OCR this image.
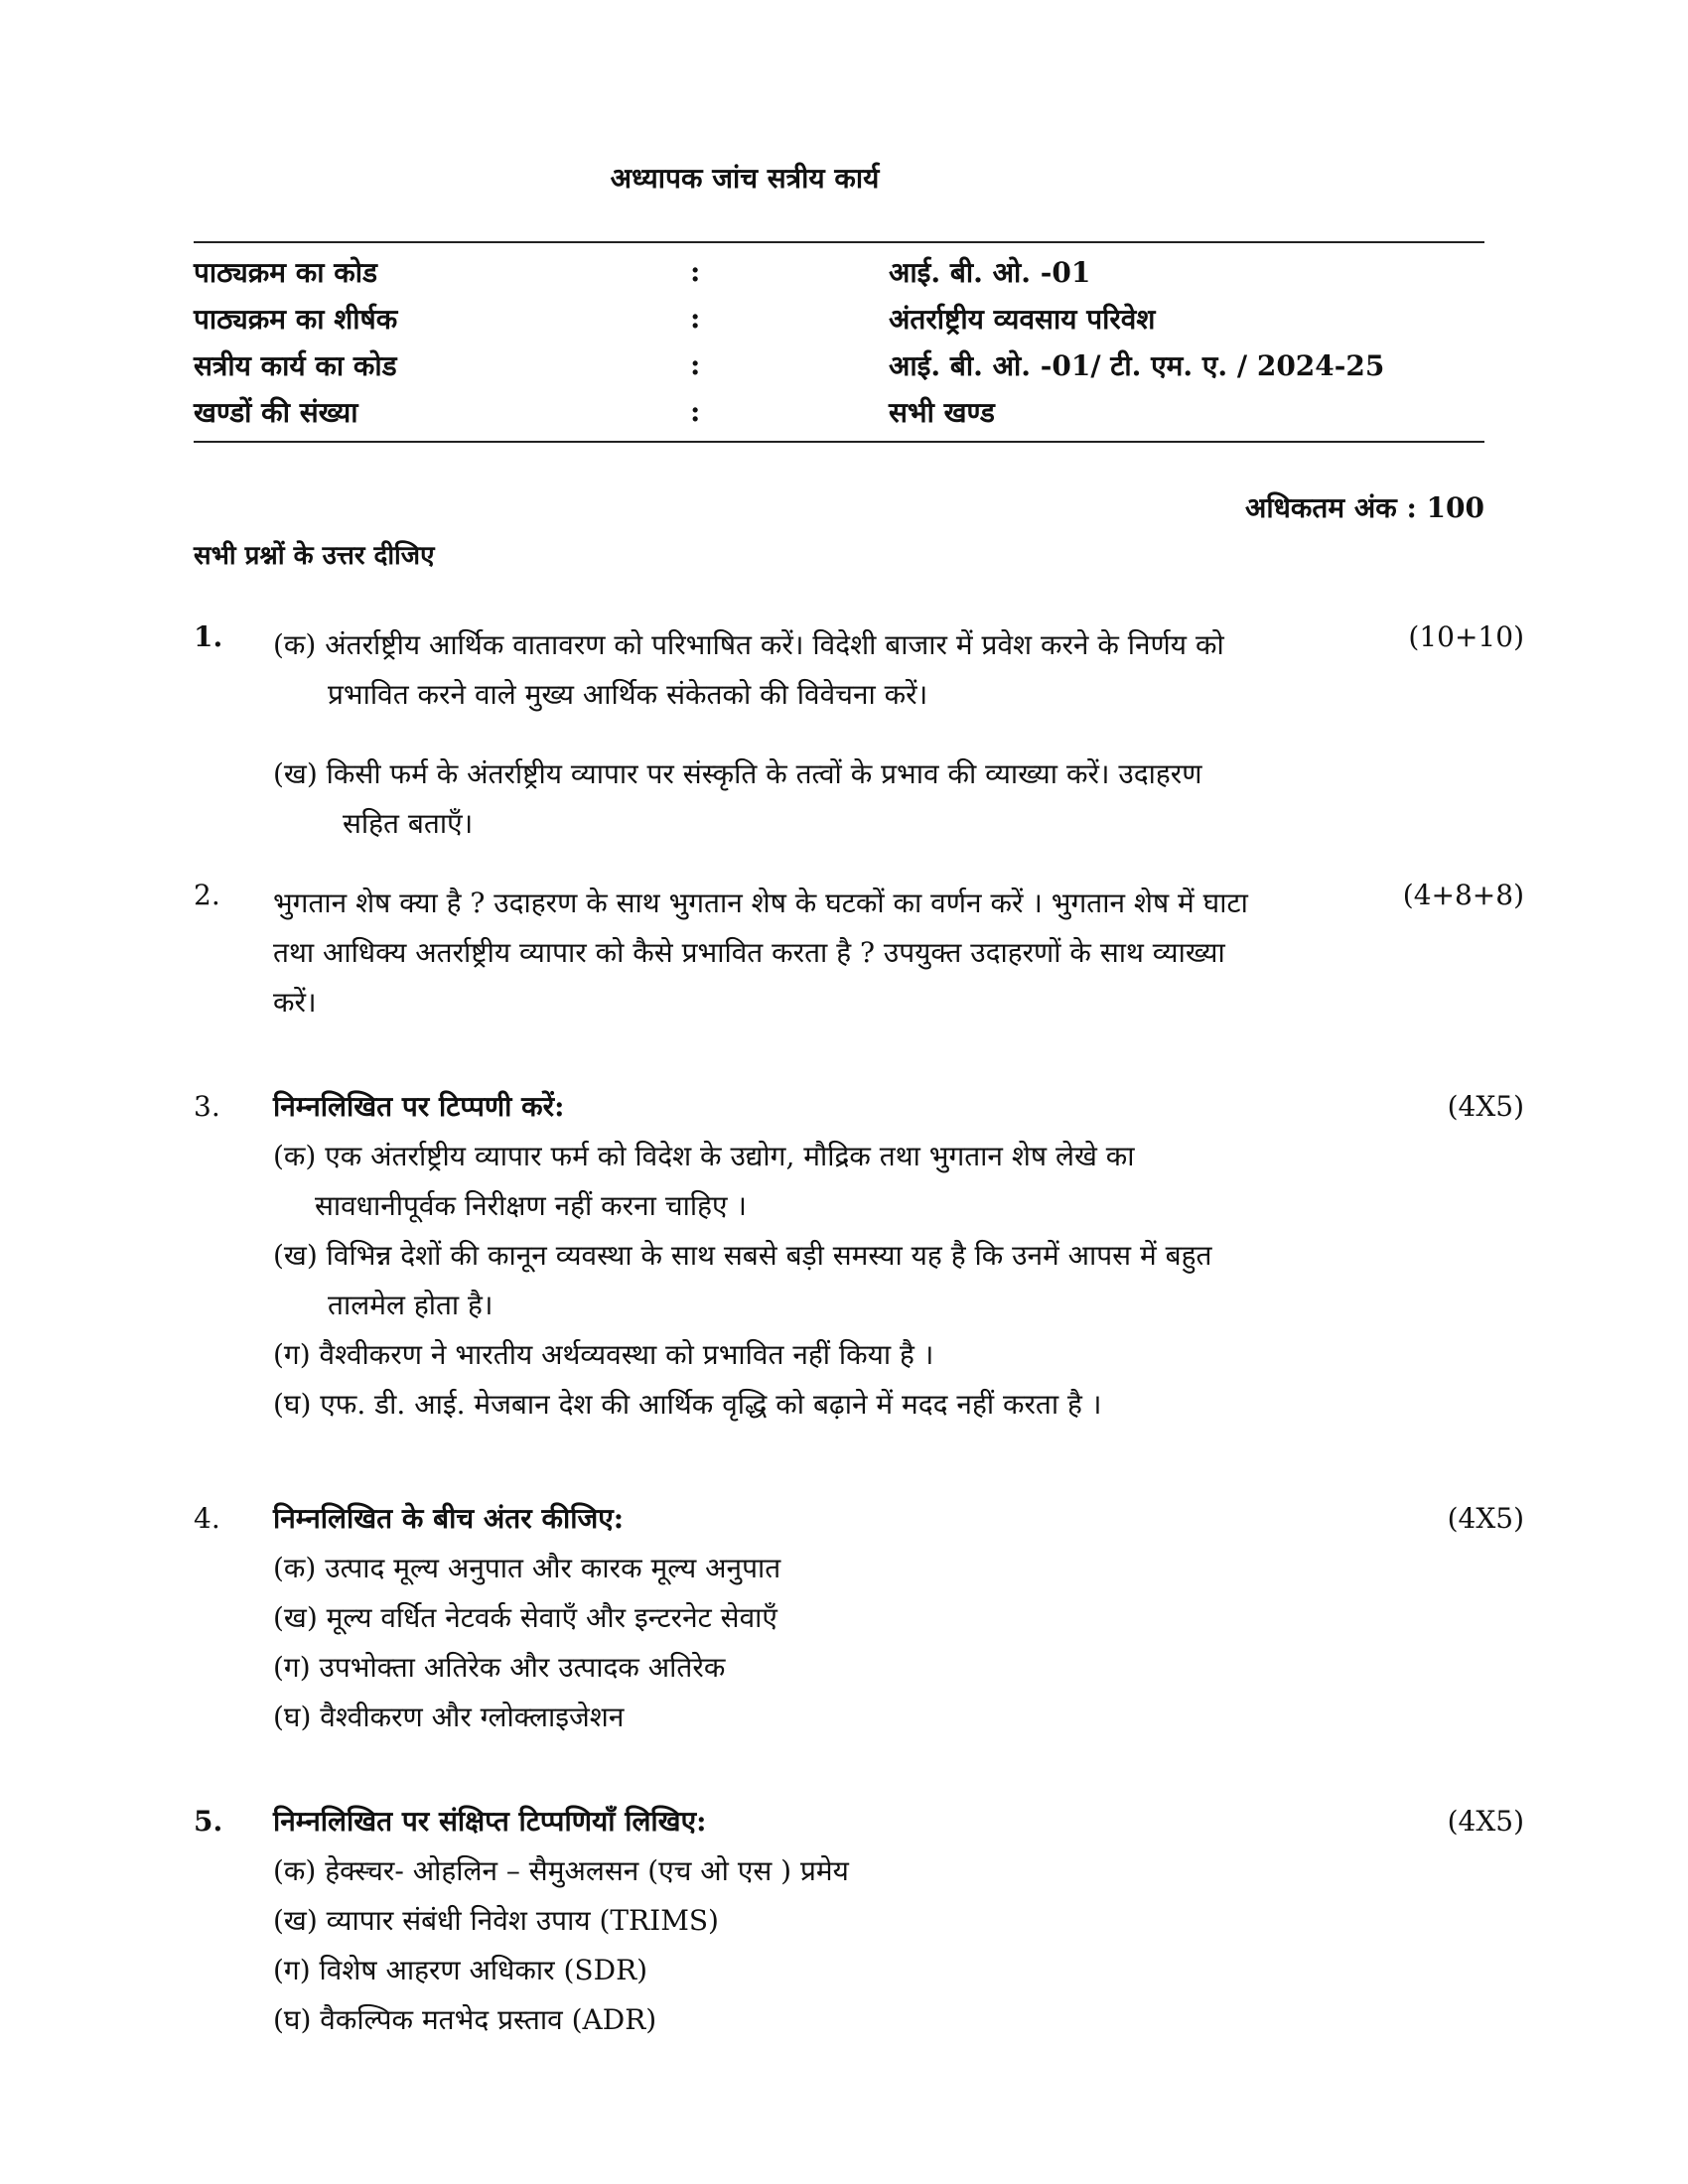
अध्यापक जांच सत्रीय कार्य
पाठ्यक्रम का कोड	:	आई. बी. ओ. -01
पाठ्यक्रम का शीर्षक	:	अंतर्राष्ट्रीय व्यवसाय परिवेश
सत्रीय कार्य का कोड	:	आई. बी. ओ. -01/ टी. एम. ए. / 2024-25
खण्डों की संख्या	:	सभी खण्ड
अधिकतम अंक : 100
सभी प्रश्नों के उत्तर दीजिए
1. (क) अंतर्राष्ट्रीय आर्थिक वातावरण को परिभाषित करें। विदेशी बाजार में प्रवेश करने के निर्णय को
प्रभावित करने वाले मुख्य आर्थिक संकेतको की विवेचना करें।
(ख) किसी फर्म के अंतर्राष्ट्रीय व्यापार पर संस्कृति के तत्वों के प्रभाव की व्याख्या करें। उदाहरण
सहित बताएँ।
(10+10)
2. भुगतान शेष क्या है ? उदाहरण के साथ भुगतान शेष के घटकों का वर्णन करें । भुगतान शेष में घाटा
तथा आधिक्य अतर्राष्ट्रीय व्यापार को कैसे प्रभावित करता है ? उपयुक्त उदाहरणों के साथ व्याख्या
करें।
(4+8+8)
3. निम्नलिखित पर टिप्पणी करें:
(क) एक अंतर्राष्ट्रीय व्यापार फर्म को विदेश के उद्योग, मौद्रिक तथा भुगतान शेष लेखे का
सावधानीपूर्वक निरीक्षण नहीं करना चाहिए ।
(ख) विभिन्न देशों की कानून व्यवस्था के साथ सबसे बड़ी समस्या यह है कि उनमें आपस में बहुत
तालमेल होता है।
(ग) वैश्वीकरण ने भारतीय अर्थव्यवस्था को प्रभावित नहीं किया है ।
(घ) एफ. डी. आई. मेजबान देश की आर्थिक वृद्धि को बढ़ाने में मदद नहीं करता है ।
(4X5)
4. निम्नलिखित के बीच अंतर कीजिए:
(क) उत्पाद मूल्य अनुपात और कारक मूल्य अनुपात
(ख) मूल्य वर्धित नेटवर्क सेवाएँ और इन्टरनेट सेवाएँ
(ग) उपभोक्ता अतिरेक और उत्पादक अतिरेक
(घ) वैश्वीकरण और ग्लोक्लाइजेशन
(4X5)
5. निम्नलिखित पर संक्षिप्त टिप्पणियाँ लिखिए:
(क) हेक्स्चर- ओहलिन – सैमुअलसन (एच ओ एस ) प्रमेय
(ख) व्यापार संबंधी निवेश उपाय (TRIMS)
(ग) विशेष आहरण अधिकार (SDR)
(घ) वैकल्पिक मतभेद प्रस्ताव (ADR)
(4X5)
